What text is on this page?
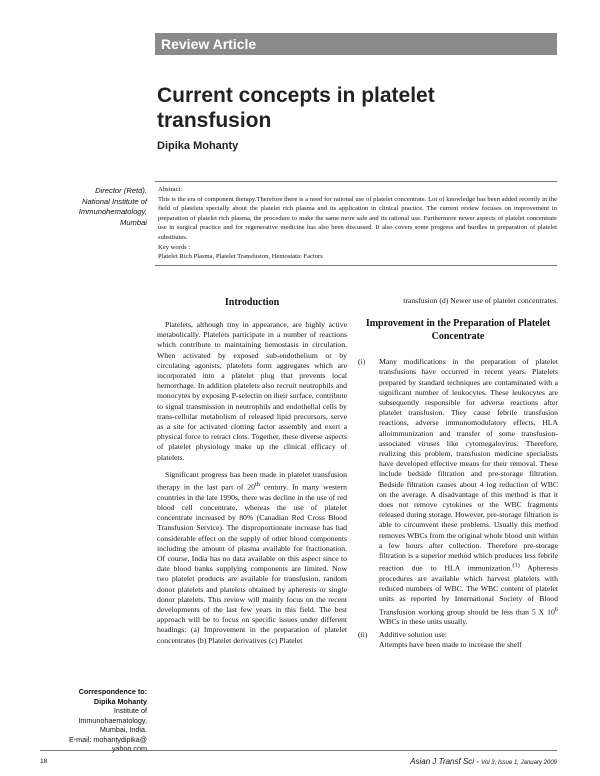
Review Article
Current concepts in platelet transfusion
Dipika Mohanty
Director (Retd),
National Institute of
Immunohematology,
Mumbai
Abstract:

This is the era of component therapy.Therefore there is a need for rational use of platelet concentrate. Lot of knowledge has been added recently in the field of platelets specially about the platelet rich plasma and its application in clinical practice. The current review focuses on improvement in preparation of platelet rich plasma, the procedure to make the same more safe and its rational use. Furthermore newer aspects of platelet concentrate use in surgical practice and for regenerative medicine has also been discussed. It also covers some progress and hurdles in preparation of platelet substitutes.

Key words :

Platelet Rich Plasma, Platelet Transfusion, Hemostatic Factors

Introduction

Platelets, although tiny in appearance, are highly active metabolically. Platelets participate in a number of reactions which contribute to maintaining hemostasis in circulation. When activated by exposed sub-endothelium or by circulating agonists, platelets form aggregates which are incorporated into a platelet plug that prevents local hemorrhage. In addition platelets also recruit neutrophils and monocytes by exposing P-selectin on their surface, contribute to signal transmission in neutrophils and endothelial cells by trans-cellular metabolism of released lipid precursors, serve as a site for activated clotting factor assembly and exert a physical force to retract clots. Together, these diverse aspects of platelet physiology make up the clinical efficacy of platelets.

Significant progress has been made in platelet transfusion therapy in the last part of 20th century. In many western countries in the late 1990s, there was decline in the use of red blood cell concentrate, whereas the use of platelet concentrate increased by 80% (Canadian Red Cross Blood Transfusion Service). The disproportionate increase has had considerable effect on the supply of other blood components including the amount of plasma available for fractionation. Of course, India has no data available on this aspect since to date blood banks supplying components are limited. Now two platelet products are available for transfusion, random donor platelets and platelets obtained by apheresis or single donor platelets. This review will mainly focus on the recent developments of the last few years in this field. The best approach will be to focus on specific issues under different headings: (a) Improvement in the preparation of platelet concentrates (b) Platelet derivatives (c) Platelet

transfusion (d) Newer use of platelet concentrates.
Improvement in the Preparation of Platelet Concentrate
(i)	Many modifications in the preparation of platelet transfusions have occurred in recent years. Platelets prepared by standard techniques are contaminated with a significant number of leukocytes. These leukocytes are subsequently responsible for adverse reactions after platelet transfusion. They cause febrile transfusion reactions, adverse immunomodulatory effects, HLA alloimmunization and transfer of some transfusion-associated viruses like cytomegalovirus. Therefore, realizing this problem, transfusion medicine specialists have developed effective means for their removal. These include bedside filtration and pre-storage filtration. Bedside filtration causes about 4 log reduction of WBC on the average. A disadvantage of this method is that it does not remove cytokines or the WBC fragments released during storage. However, pre-storage filtration is able to circumvent these problems. Usually this method removes WBCs from the original whole blood unit within a few hours after collection. Therefore pre-storage filtration is a superior method which produces less febrile reaction due to HLA immunization.$^{(1)}$ Apheresis procedures are available which harvest platelets with reduced numbers of WBC. The WBC content of platelet units as reported by International Society of Blood Transfusion working group should be less than 5 X $10^6$ WBCs in these units usually.
(ii)	Additive solution use:
Attempts have been made to increase the shelf
Correspondence to:
Dipika Mohanty
Institute of
Immunohaematology,
Mumbai, India.
E-mail: mohantydipika@
yahoo.com
18	Asian J Transf Sci - Vol 3, Issue 1, January 2009
